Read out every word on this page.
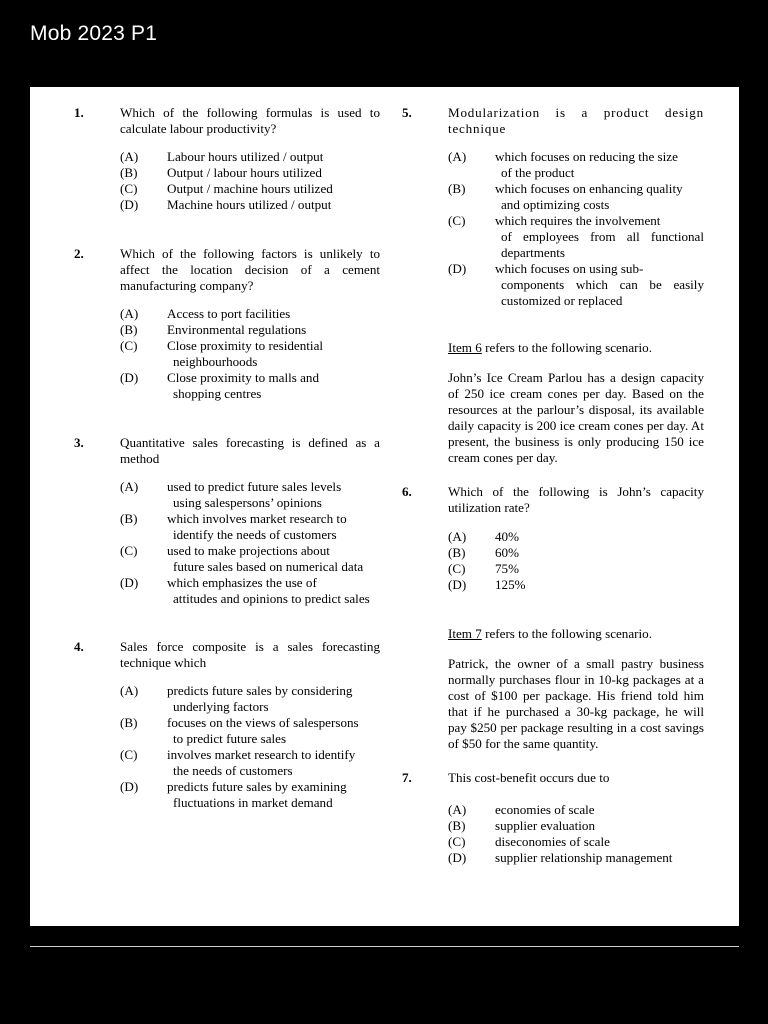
Mob 2023 P1
1.	Which of the following formulas is used to calculate labour productivity?

(A)	Labour hours utilized / output
(B)	Output / labour hours utilized
(C)	Output / machine hours utilized
(D)	Machine hours utilized / output
2.	Which of the following factors is unlikely to affect the location decision of a cement manufacturing company?

(A)	Access to port facilities
(B)	Environmental regulations
(C)	Close proximity to residential
neighbourhoods
(D)	Close proximity to malls and
shopping centres
3.	Quantitative sales forecasting is defined as a method

(A)	used to predict future sales levels
using salespersons’ opinions
(B)	which involves market research to
identify the needs of customers
(C)	used to make projections about
future sales based on numerical data
(D)	which emphasizes the use of
attitudes and opinions to predict sales
4.	Sales force composite is a sales forecasting technique which

(A)	predicts future sales by considering
underlying factors
(B)	focuses on the views of salespersons
to predict future sales
(C)	involves market research to identify
the needs of customers
(D)	predicts future sales by examining
fluctuations in market demand
5.	Modularization is a product design technique

(A)	which focuses on reducing the size
of the product
(B)	which focuses on enhancing quality
and optimizing costs
(C)	which requires the involvement
of employees from all functional departments
(D)	which focuses on using sub-
components which can be easily customized or replaced

Item 6 refers to the following scenario.

John’s Ice Cream Parlou has a design capacity of 250 ice cream cones per day. Based on the resources at the parlour’s disposal, its available daily capacity is 200 ice cream cones per day. At present, the business is only producing 150 ice cream cones per day.

6.	Which of the following is John’s capacity utilization rate?

(A)	40%
(B)	60%
(C)	75%
(D)	125%

Item 7 refers to the following scenario.

Patrick, the owner of a small pastry business normally purchases flour in 10-kg packages at a cost of $100 per package. His friend told him that if he purchased a 30-kg package, he will pay $250 per package resulting in a cost savings of $50 for the same quantity.

7.	This cost-benefit occurs due to

(A)	economies of scale
(B)	supplier evaluation
(C)	diseconomies of scale
(D)	supplier relationship management
